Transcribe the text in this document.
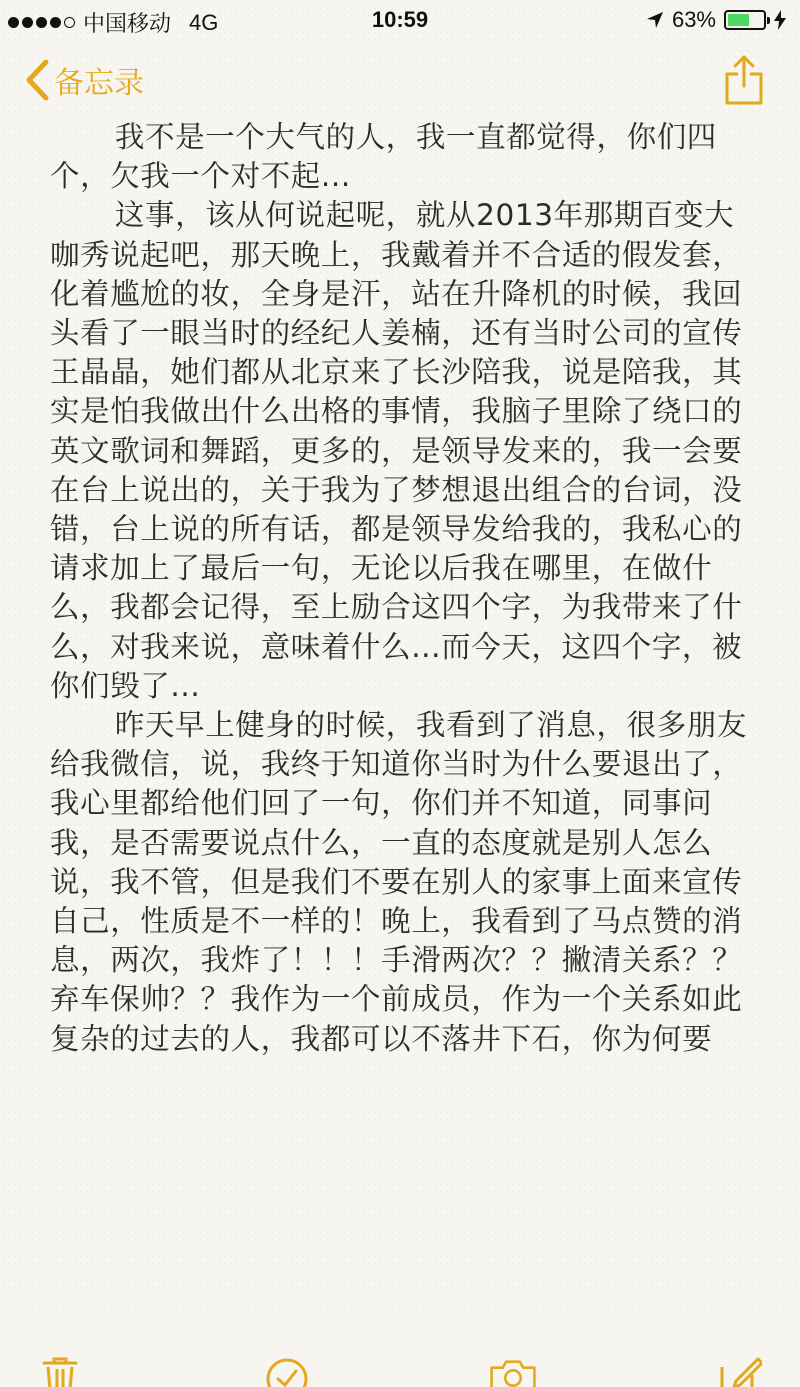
中国移动 4G	10:59	63%
备忘录

我不是一个大气的人，我一直都觉得，你们四个，欠我一个对不起...

这事，该从何说起呢，就从2013年那期百变大咖秀说起吧，那天晚上，我戴着并不合适的假发套，化着尴尬的妆，全身是汗，站在升降机的时候，我回头看了一眼当时的经纪人姜楠，还有当时公司的宣传王晶晶，她们都从北京来了长沙陪我，说是陪我，其实是怕我做出什么出格的事情，我脑子里除了绕口的英文歌词和舞蹈，更多的，是领导发来的，我一会要在台上说出的，关于我为了梦想退出组合的台词，没错，台上说的所有话，都是领导发给我的，我私心的请求加上了最后一句，无论以后我在哪里，在做什么，我都会记得，至上励合这四个字，为我带来了什么，对我来说，意味着什么...而今天，这四个字，被你们毁了...

昨天早上健身的时候，我看到了消息，很多朋友给我微信，说，我终于知道你当时为什么要退出了，我心里都给他们回了一句，你们并不知道，同事问我，是否需要说点什么，一直的态度就是别人怎么说，我不管，但是我们不要在别人的家事上面来宣传自己，性质是不一样的！晚上，我看到了马点赞的消息，两次，我炸了！！！手滑两次？？撇清关系？？弃车保帅？？我作为一个前成员，作为一个关系如此复杂的过去的人，我都可以不落井下石，你为何要
